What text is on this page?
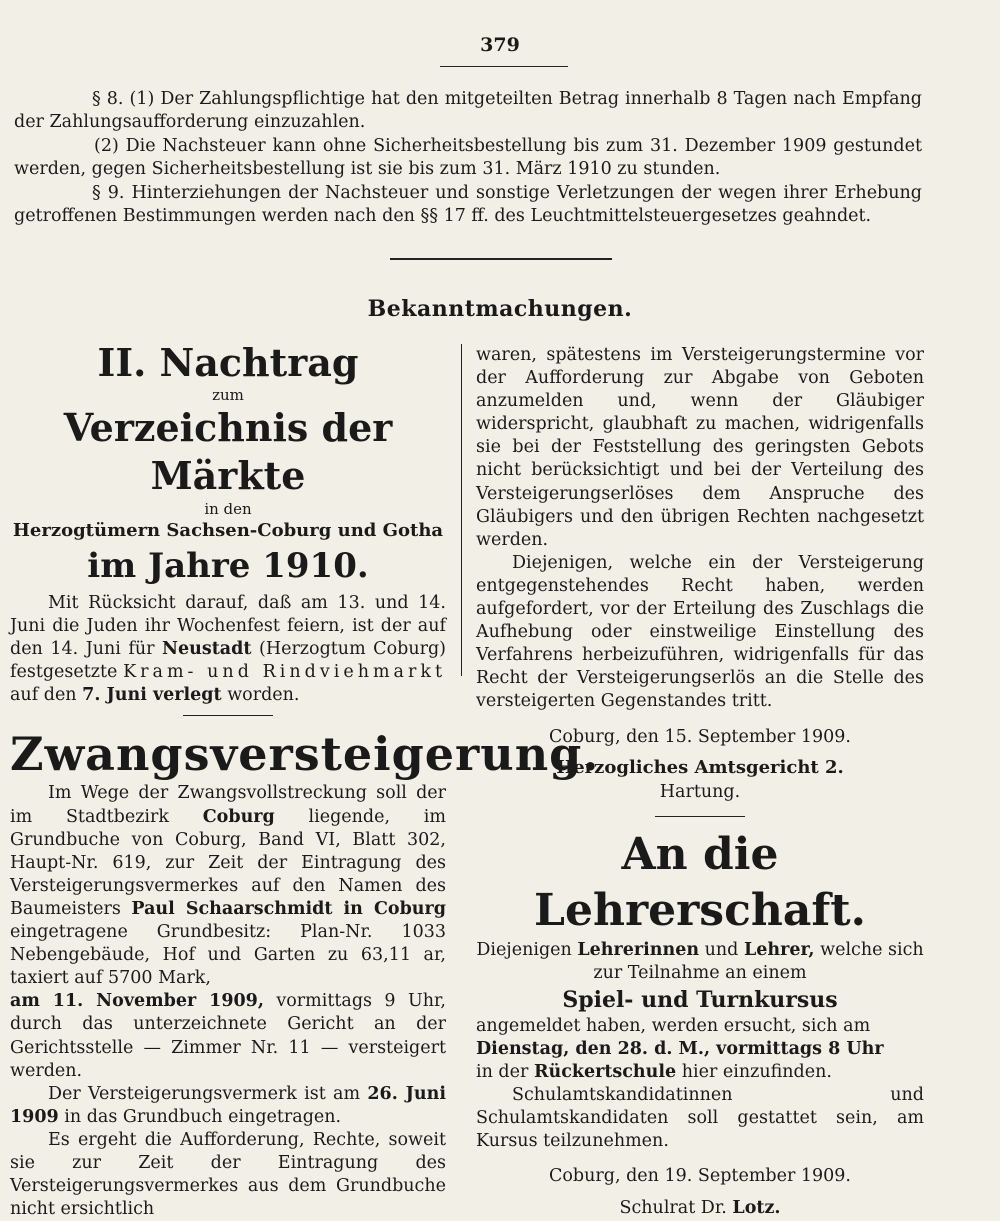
379

§ 8. (1) Der Zahlungspflichtige hat den mitgeteilten Betrag innerhalb 8 Tagen nach Empfang der Zahlungsaufforderung einzuzahlen.

(2) Die Nachsteuer kann ohne Sicherheitsbestellung bis zum 31. Dezember 1909 gestundet werden, gegen Sicherheitsbestellung ist sie bis zum 31. März 1910 zu stunden.

§ 9. Hinterziehungen der Nachsteuer und sonstige Verletzungen der wegen ihrer Erhebung getroffenen Bestimmungen werden nach den §§ 17 ff. des Leuchtmittelsteuergesetzes geahndet.

Bekanntmachungen.

II. Nachtrag

zum

Verzeichnis der Märkte

in den

Herzogtümern Sachsen-Coburg und Gotha

im Jahre 1910.

Mit Rücksicht darauf, daß am 13. und 14. Juni die Juden ihr Wochenfest feiern, ist der auf den 14. Juni für Neustadt (Herzogtum Coburg) festgesetzte Kram- und Rindviehmarkt auf den 7. Juni verlegt worden.

Zwangsversteigerung.

Im Wege der Zwangsvollstreckung soll der im Stadtbezirk Coburg liegende, im Grundbuche von Coburg, Band VI, Blatt 302, Haupt-Nr. 619, zur Zeit der Eintragung des Versteigerungsvermerkes auf den Namen des Baumeisters Paul Schaarschmidt in Coburg eingetragene Grundbesitz: Plan-Nr. 1033 Nebengebäude, Hof und Garten zu 63,11 ar, taxiert auf 5700 Mark,

am 11. November 1909, vormittags 9 Uhr, durch das unterzeichnete Gericht an der Gerichtsstelle — Zimmer Nr. 11 — versteigert werden.

Der Versteigerungsvermerk ist am 26. Juni 1909 in das Grundbuch eingetragen.

Es ergeht die Aufforderung, Rechte, soweit sie zur Zeit der Eintragung des Versteigerungsvermerkes aus dem Grundbuche nicht ersichtlich

waren, spätestens im Versteigerungstermine vor der Aufforderung zur Abgabe von Geboten anzumelden und, wenn der Gläubiger widerspricht, glaubhaft zu machen, widrigenfalls sie bei der Feststellung des geringsten Gebots nicht berücksichtigt und bei der Verteilung des Versteigerungserlöses dem Anspruche des Gläubigers und den übrigen Rechten nachgesetzt werden.

Diejenigen, welche ein der Versteigerung entgegenstehendes Recht haben, werden aufgefordert, vor der Erteilung des Zuschlags die Aufhebung oder einstweilige Einstellung des Verfahrens herbeizuführen, widrigenfalls für das Recht der Versteigerungserlös an die Stelle des versteigerten Gegenstandes tritt.

Coburg, den 15. September 1909.

Herzogliches Amtsgericht 2.

Hartung.

An die Lehrerschaft.

Diejenigen Lehrerinnen und Lehrer, welche sich zur Teilnahme an einem

Spiel- und Turnkursus

angemeldet haben, werden ersucht, sich am

Dienstag, den 28. d. M., vormittags 8 Uhr

in der Rückertschule hier einzufinden.

Schulamtskandidatinnen und Schulamtskandidaten soll gestattet sein, am Kursus teilzunehmen.

Coburg, den 19. September 1909.

Schulrat Dr. Lotz.
